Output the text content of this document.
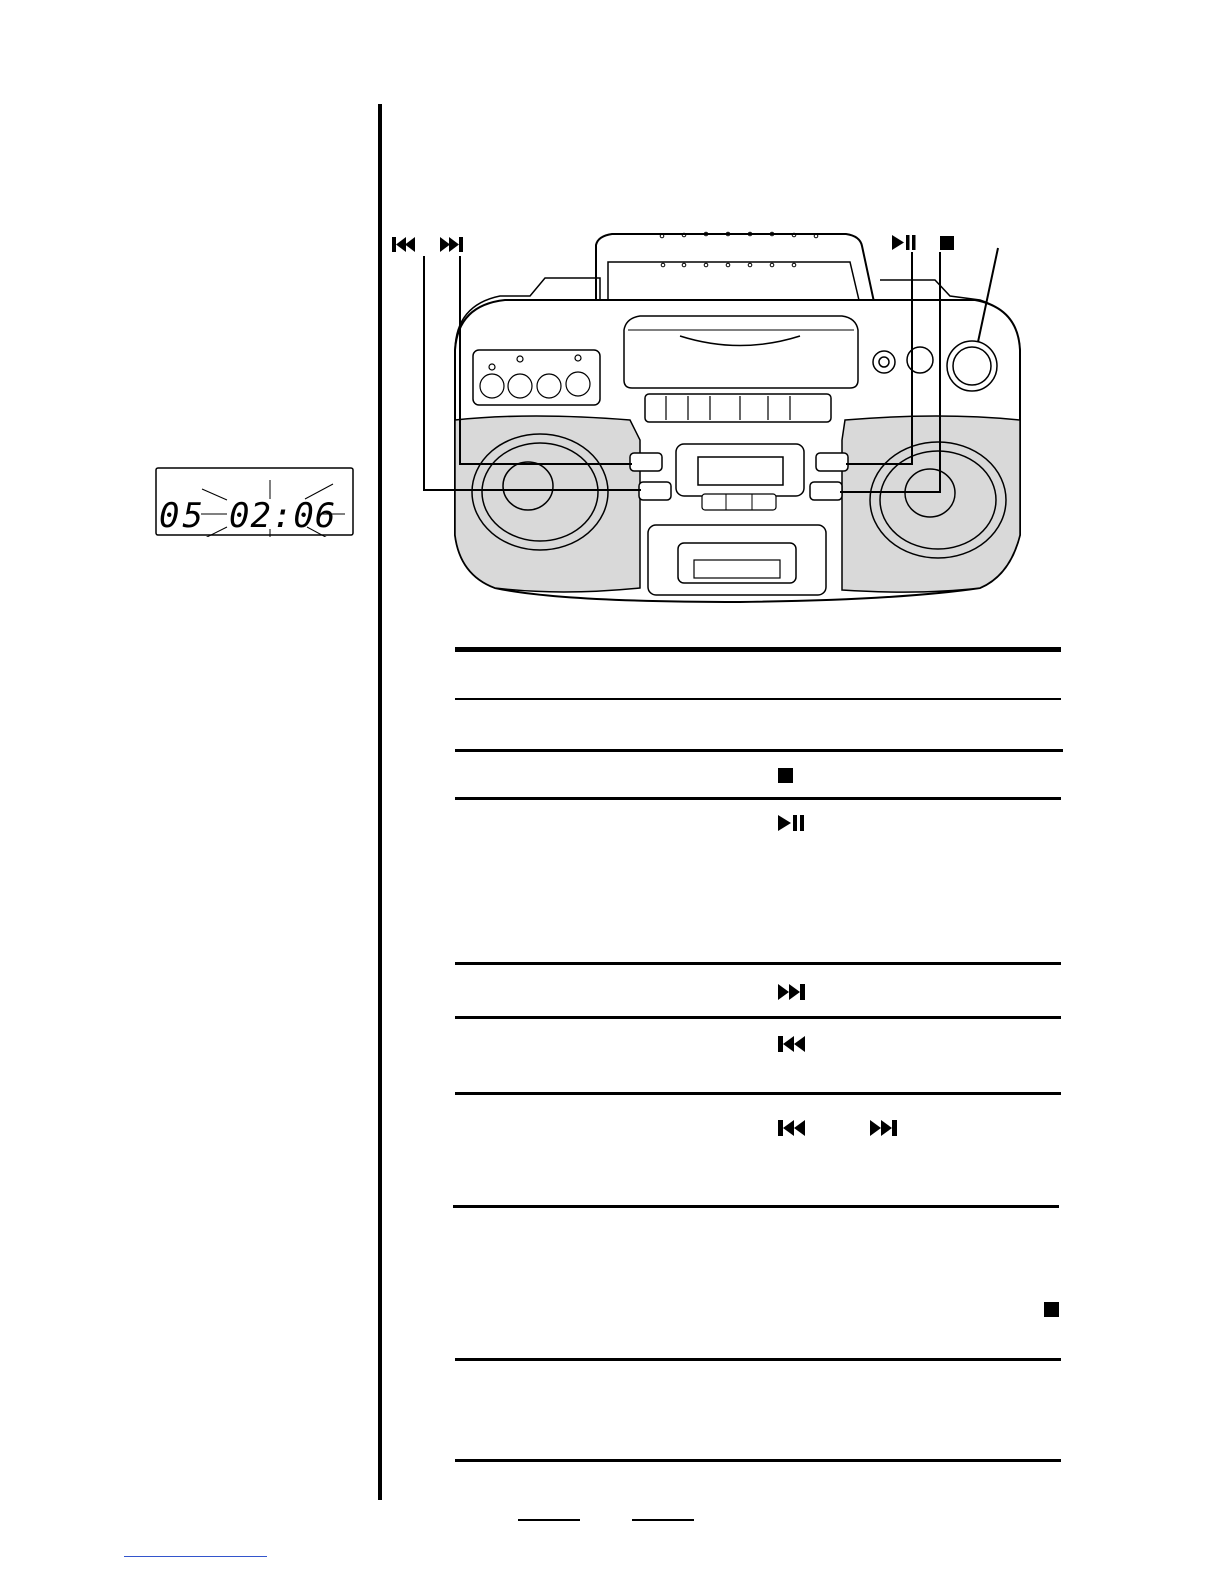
05 02:06
